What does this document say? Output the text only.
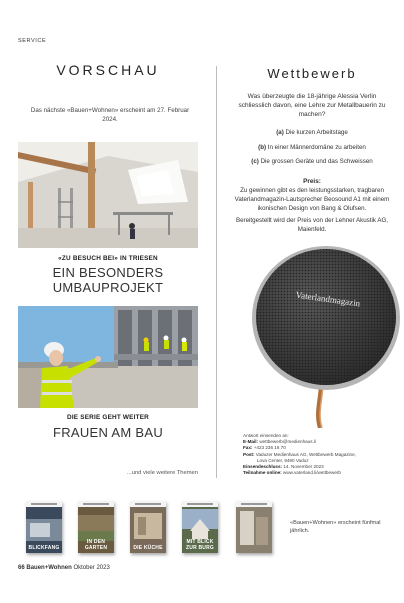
SERVICE
VORSCHAU
Das nächste «Bauen+Wohnen» erscheint am 27. Februar 2024.
«ZU BESUCH BEI» IN TRIESEN
EIN BESONDERS
UMBAUPROJEKT
DIE SERIE GEHT WEITER
FRAUEN AM BAU
...und viele weitere Themen
Wettbewerb
Was überzeugte die 18-jährige Alessia Verlin schliesslich davon, eine Lehre zur Metallbauerin zu machen?
(a) Die kurzen Arbeitstage
(b) In einer Männerdomäne zu arbeiten
(c) Die grossen Geräte und das Schweissen
Preis:
Zu gewinnen gibt es den leistungsstarken, tragbaren Vaterlandmagazin-Lautsprecher Beosound A1 mit einem ikonischen Design von Bang & Olufsen.
Bereitgestellt wird der Preis von der Lehner Akustik AG, Maienfeld.
Vaterlandmagazin
Antwort einsenden an:
E-Mail: wettbewerb@medienhaus.li
Fax: +423 236 16 70
Post: Vaduzer Medienhaus AG, Wettbewerb Magazine,
Lova Center, 9490 Vaduz
Einsendeschluss: 14. November 2023
Teilnahme online: www.vaterland.li/wettbewerb
BLICKFANG
IN DEN GARTEN	DIE KÜCHE
MIT BLICK
ZUR BURG
«Bauen+Wohnen» erscheint fünfmal jährlich.
66 Bauen+Wohnen Oktober 2023
